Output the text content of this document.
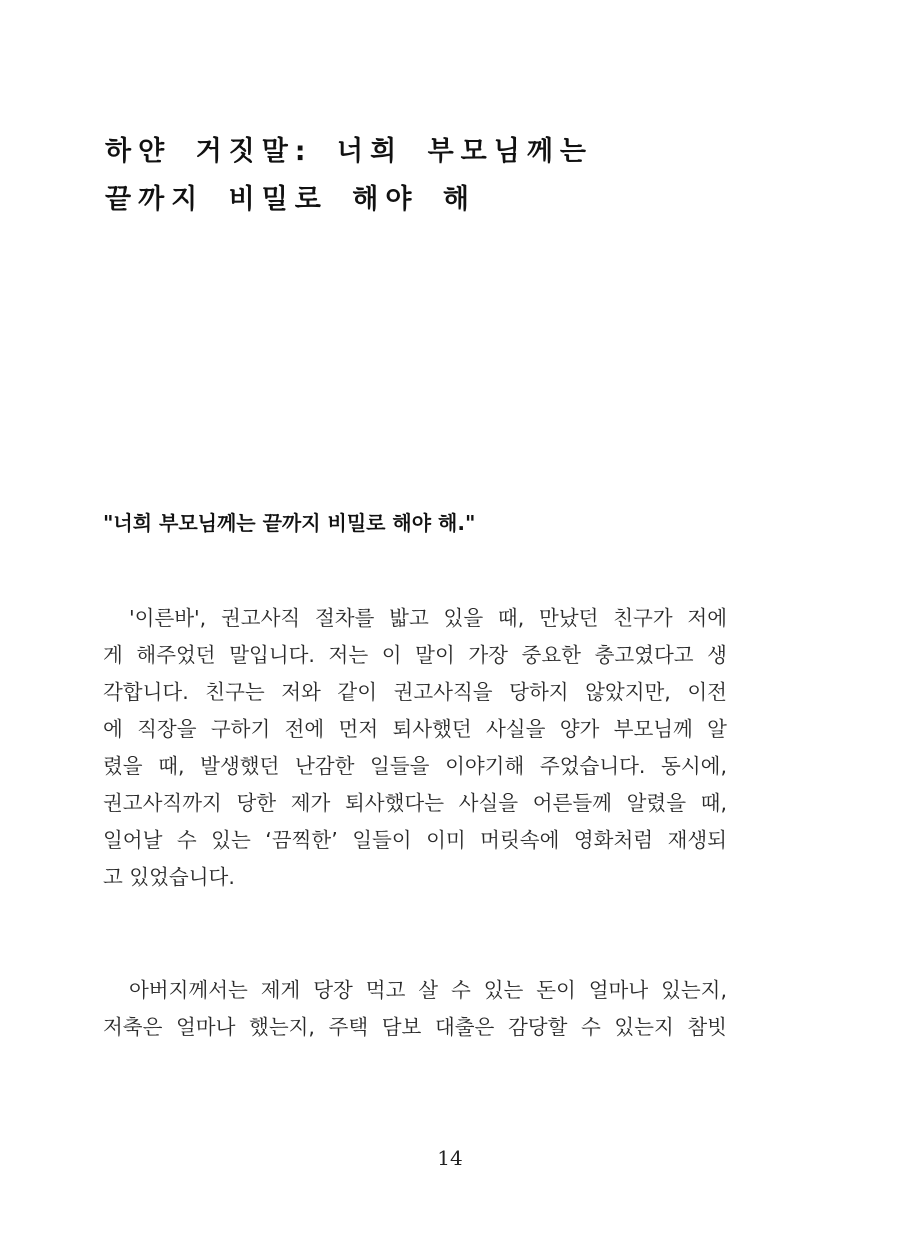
하얀 거짓말: 너희 부모님께는
끝까지 비밀로 해야 해

"너희 부모님께는 끝까지 비밀로 해야 해."

'이른바', 권고사직 절차를 밟고 있을 때, 만났던 친구가 저에
게 해주었던 말입니다. 저는 이 말이 가장 중요한 충고였다고 생
각합니다. 친구는 저와 같이 권고사직을 당하지 않았지만, 이전
에 직장을 구하기 전에 먼저 퇴사했던 사실을 양가 부모님께 알
렸을 때, 발생했던 난감한 일들을 이야기해 주었습니다. 동시에,
권고사직까지 당한 제가 퇴사했다는 사실을 어른들께 알렸을 때,
일어날 수 있는 ‘끔찍한’ 일들이 이미 머릿속에 영화처럼 재생되
고 있었습니다.
아버지께서는 제게 당장 먹고 살 수 있는 돈이 얼마나 있는지,
저축은 얼마나 했는지, 주택 담보 대출은 감당할 수 있는지 참빗

14
